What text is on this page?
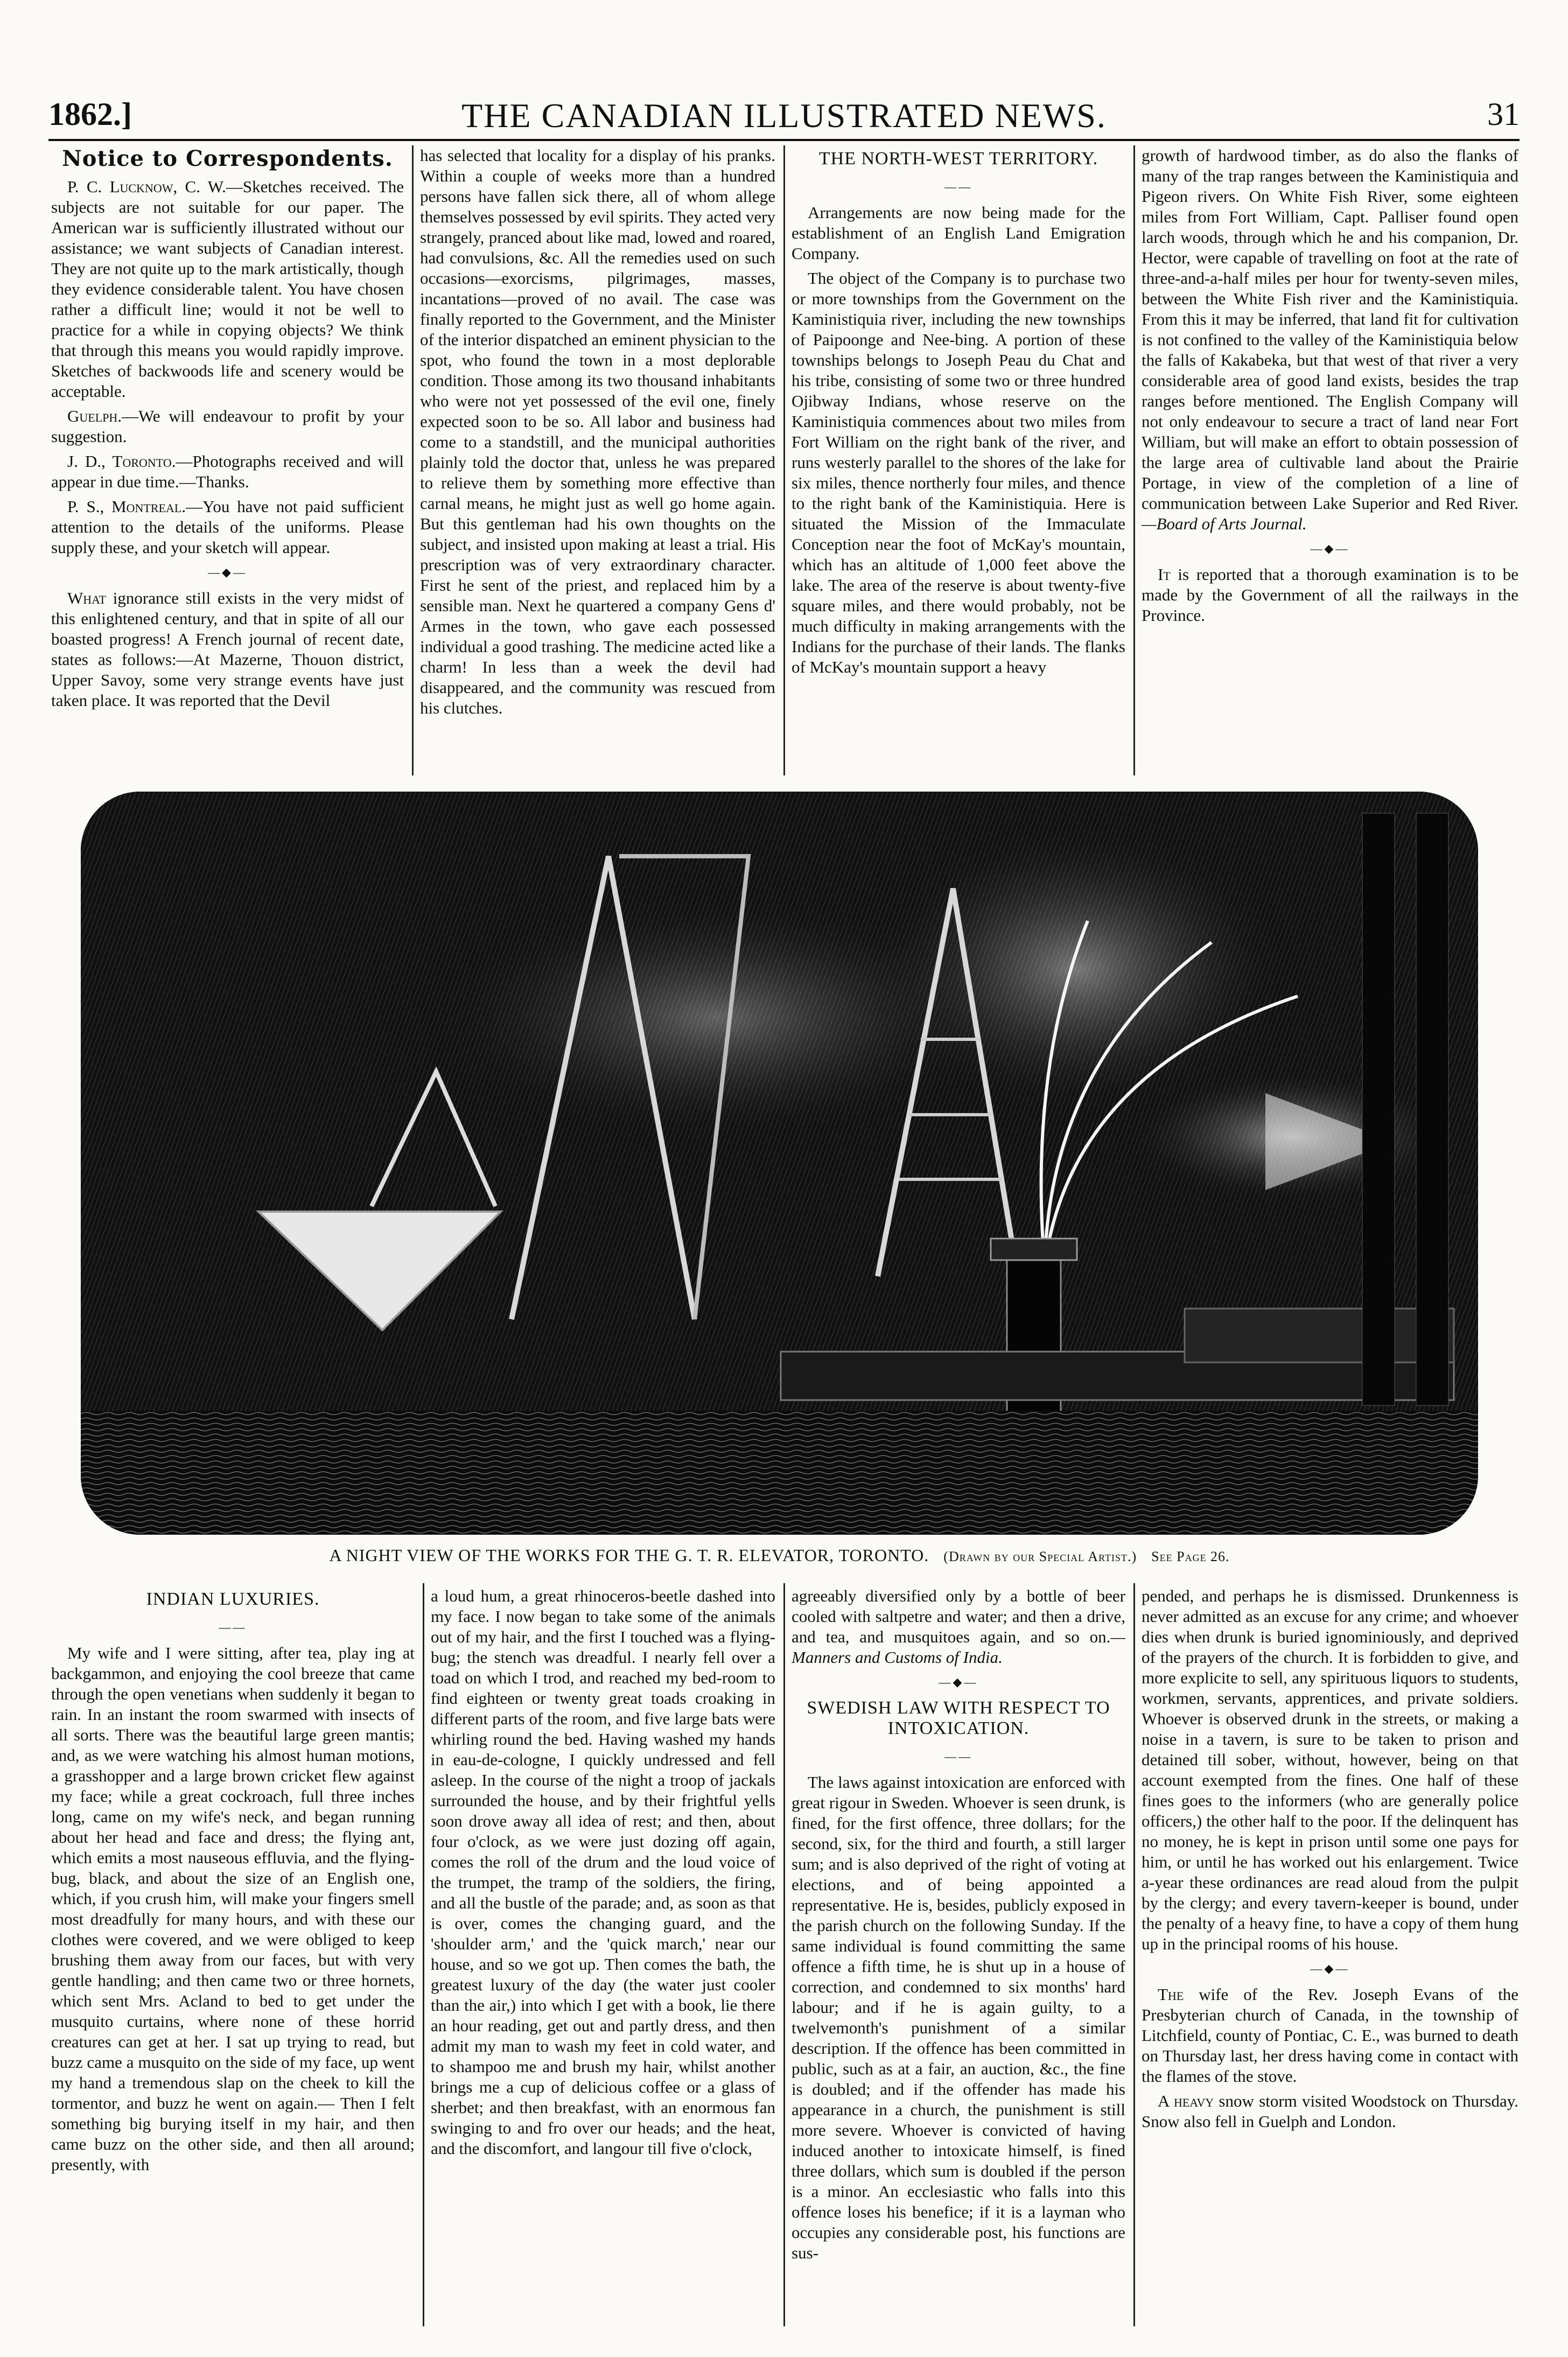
1862.]	THE CANADIAN ILLUSTRATED NEWS.	31
Notice to Correspondents.

P. C. Lucknow, C. W.—Sketches received. The subjects are not suitable for our paper. The American war is sufficiently illustrated without our assistance; we want subjects of Canadian interest. They are not quite up to the mark artistically, though they evidence considerable talent. You have chosen rather a difficult line; would it not be well to practice for a while in copying objects? We think that through this means you would rapidly improve. Sketches of backwoods life and scenery would be acceptable.

Guelph.—We will endeavour to profit by your suggestion.

J. D., Toronto.—Photographs received and will appear in due time.—Thanks.

P. S., Montreal.—You have not paid sufficient attention to the details of the uniforms. Please supply these, and your sketch will appear.

—◆—

What ignorance still exists in the very midst of this enlightened century, and that in spite of all our boasted progress! A French journal of recent date, states as follows:—At Mazerne, Thouon district, Upper Savoy, some very strange events have just taken place. It was reported that the Devil

has selected that locality for a display of his pranks. Within a couple of weeks more than a hundred persons have fallen sick there, all of whom allege themselves possessed by evil spirits. They acted very strangely, pranced about like mad, lowed and roared, had convulsions, &c. All the remedies used on such occasions—exorcisms, pilgrimages, masses, incantations—proved of no avail. The case was finally reported to the Government, and the Minister of the interior dispatched an eminent physician to the spot, who found the town in a most deplorable condition. Those among its two thousand inhabitants who were not yet possessed of the evil one, finely expected soon to be so. All labor and business had come to a standstill, and the municipal authorities plainly told the doctor that, unless he was prepared to relieve them by something more effective than carnal means, he might just as well go home again. But this gentleman had his own thoughts on the subject, and insisted upon making at least a trial. His prescription was of very extraordinary character. First he sent of the priest, and replaced him by a sensible man. Next he quartered a company Gens d' Armes in the town, who gave each possessed individual a good trashing. The medicine acted like a charm! In less than a week the devil had disappeared, and the community was rescued from his clutches.

THE NORTH-WEST TERRITORY.
——

Arrangements are now being made for the establishment of an English Land Emigration Company.

The object of the Company is to purchase two or more townships from the Government on the Kaministiquia river, including the new townships of Paipoonge and Nee-bing. A portion of these townships belongs to Joseph Peau du Chat and his tribe, consisting of some two or three hundred Ojibway Indians, whose reserve on the Kaministiquia commences about two miles from Fort William on the right bank of the river, and runs westerly parallel to the shores of the lake for six miles, thence northerly four miles, and thence to the right bank of the Kaministiquia. Here is situated the Mission of the Immaculate Conception near the foot of McKay's mountain, which has an altitude of 1,000 feet above the lake. The area of the reserve is about twenty-five square miles, and there would probably, not be much difficulty in making arrangements with the Indians for the purchase of their lands. The flanks of McKay's mountain support a heavy

growth of hardwood timber, as do also the flanks of many of the trap ranges between the Kaministiquia and Pigeon rivers. On White Fish River, some eighteen miles from Fort William, Capt. Palliser found open larch woods, through which he and his companion, Dr. Hector, were capable of travelling on foot at the rate of three-and-a-half miles per hour for twenty-seven miles, between the White Fish river and the Kaministiquia. From this it may be inferred, that land fit for cultivation is not confined to the valley of the Kaministiquia below the falls of Kakabeka, but that west of that river a very considerable area of good land exists, besides the trap ranges before mentioned. The English Company will not only endeavour to secure a tract of land near Fort William, but will make an effort to obtain possession of the large area of cultivable land about the Prairie Portage, in view of the completion of a line of communication between Lake Superior and Red River.—Board of Arts Journal.

—◆—

It is reported that a thorough examination is to be made by the Government of all the railways in the Province.

A NIGHT VIEW OF THE WORKS FOR THE G. T. R. ELEVATOR, TORONTO. (Drawn by our Special Artist.) See Page 26.
INDIAN LUXURIES.
——

My wife and I were sitting, after tea, play ing at backgammon, and enjoying the cool breeze that came through the open venetians when suddenly it began to rain. In an instant the room swarmed with insects of all sorts. There was the beautiful large green mantis; and, as we were watching his almost human motions, a grasshopper and a large brown cricket flew against my face; while a great cockroach, full three inches long, came on my wife's neck, and began running about her head and face and dress; the flying ant, which emits a most nauseous effluvia, and the flying-bug, black, and about the size of an English one, which, if you crush him, will make your fingers smell most dreadfully for many hours, and with these our clothes were covered, and we were obliged to keep brushing them away from our faces, but with very gentle handling; and then came two or three hornets, which sent Mrs. Acland to bed to get under the musquito curtains, where none of these horrid creatures can get at her. I sat up trying to read, but buzz came a musquito on the side of my face, up went my hand a tremendous slap on the cheek to kill the tormentor, and buzz he went on again.— Then I felt something big burying itself in my hair, and then came buzz on the other side, and then all around; presently, with

a loud hum, a great rhinoceros-beetle dashed into my face. I now began to take some of the animals out of my hair, and the first I touched was a flying-bug; the stench was dreadful. I nearly fell over a toad on which I trod, and reached my bed-room to find eighteen or twenty great toads croaking in different parts of the room, and five large bats were whirling round the bed. Having washed my hands in eau-de-cologne, I quickly undressed and fell asleep. In the course of the night a troop of jackals surrounded the house, and by their frightful yells soon drove away all idea of rest; and then, about four o'clock, as we were just dozing off again, comes the roll of the drum and the loud voice of the trumpet, the tramp of the soldiers, the firing, and all the bustle of the parade; and, as soon as that is over, comes the changing guard, and the 'shoulder arm,' and the 'quick march,' near our house, and so we got up. Then comes the bath, the greatest luxury of the day (the water just cooler than the air,) into which I get with a book, lie there an hour reading, get out and partly dress, and then admit my man to wash my feet in cold water, and to shampoo me and brush my hair, whilst another brings me a cup of delicious coffee or a glass of sherbet; and then breakfast, with an enormous fan swinging to and fro over our heads; and the heat, and the discomfort, and langour till five o'clock,

agreeably diversified only by a bottle of beer cooled with saltpetre and water; and then a drive, and tea, and musquitoes again, and so on.—Manners and Customs of India.

—◆—
SWEDISH LAW WITH RESPECT TO INTOXICATION.
——

The laws against intoxication are enforced with great rigour in Sweden. Whoever is seen drunk, is fined, for the first offence, three dollars; for the second, six, for the third and fourth, a still larger sum; and is also deprived of the right of voting at elections, and of being appointed a representative. He is, besides, publicly exposed in the parish church on the following Sunday. If the same individual is found committing the same offence a fifth time, he is shut up in a house of correction, and condemned to six months' hard labour; and if he is again guilty, to a twelvemonth's punishment of a similar description. If the offence has been committed in public, such as at a fair, an auction, &c., the fine is doubled; and if the offender has made his appearance in a church, the punishment is still more severe. Whoever is convicted of having induced another to intoxicate himself, is fined three dollars, which sum is doubled if the person is a minor. An ecclesiastic who falls into this offence loses his benefice; if it is a layman who occupies any considerable post, his functions are sus-

pended, and perhaps he is dismissed. Drunkenness is never admitted as an excuse for any crime; and whoever dies when drunk is buried ignominiously, and deprived of the prayers of the church. It is forbidden to give, and more explicite to sell, any spirituous liquors to students, workmen, servants, apprentices, and private soldiers. Whoever is observed drunk in the streets, or making a noise in a tavern, is sure to be taken to prison and detained till sober, without, however, being on that account exempted from the fines. One half of these fines goes to the informers (who are generally police officers,) the other half to the poor. If the delinquent has no money, he is kept in prison until some one pays for him, or until he has worked out his enlargement. Twice a-year these ordinances are read aloud from the pulpit by the clergy; and every tavern-keeper is bound, under the penalty of a heavy fine, to have a copy of them hung up in the principal rooms of his house.

—◆—

The wife of the Rev. Joseph Evans of the Presbyterian church of Canada, in the township of Litchfield, county of Pontiac, C. E., was burned to death on Thursday last, her dress having come in contact with the flames of the stove.

A heavy snow storm visited Woodstock on Thursday. Snow also fell in Guelph and London.
